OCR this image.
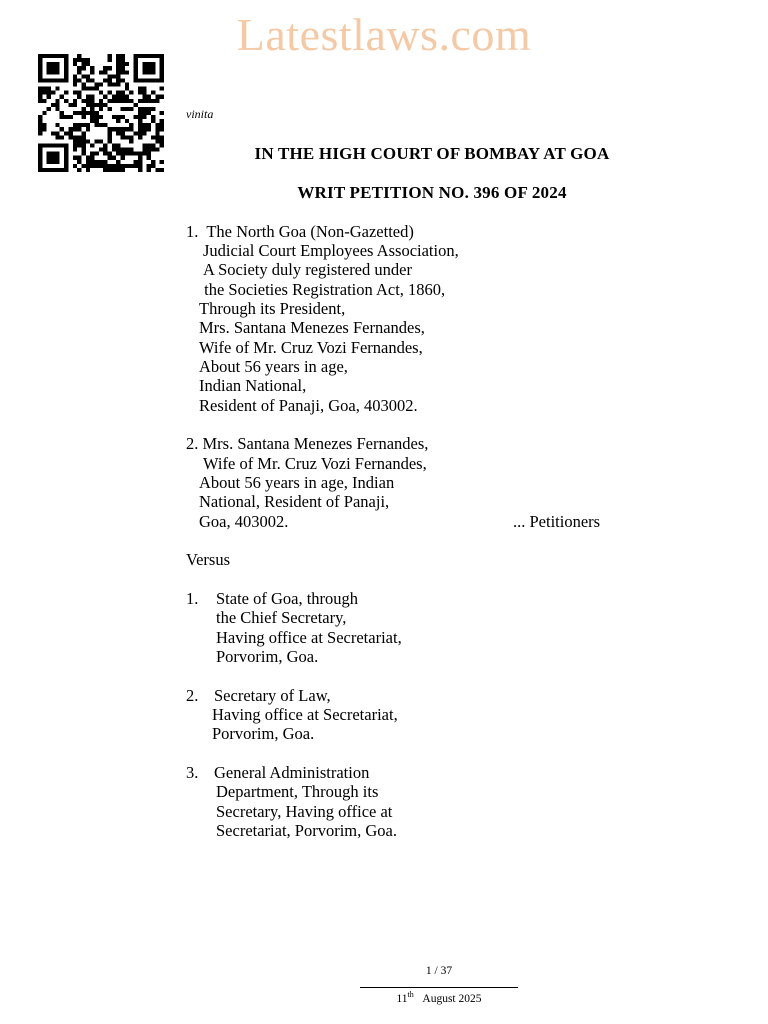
Latestlaws.com
vinita
IN THE HIGH COURT OF BOMBAY AT GOA
WRIT PETITION NO. 396 OF 2024
1.  The North Goa (Non-Gazetted)
Judicial Court Employees Association,
A Society duly registered under
the Societies Registration Act, 1860,
Through its President,
Mrs. Santana Menezes Fernandes,
Wife of Mr. Cruz Vozi Fernandes,
About 56 years in age,
Indian National,
Resident of Panaji, Goa, 403002.
2. Mrs. Santana Menezes Fernandes,
Wife of Mr. Cruz Vozi Fernandes,
About 56 years in age, Indian
National, Resident of Panaji,
Goa, 403002.	... Petitioners
Versus
1. State of Goa, through
the Chief Secretary,
Having office at Secretariat,
Porvorim, Goa.
2. Secretary of Law,
Having office at Secretariat,
Porvorim, Goa.
3. General Administration
Department, Through its
Secretary, Having office at
Secretariat, Porvorim, Goa.
1 / 37
11th August 2025
